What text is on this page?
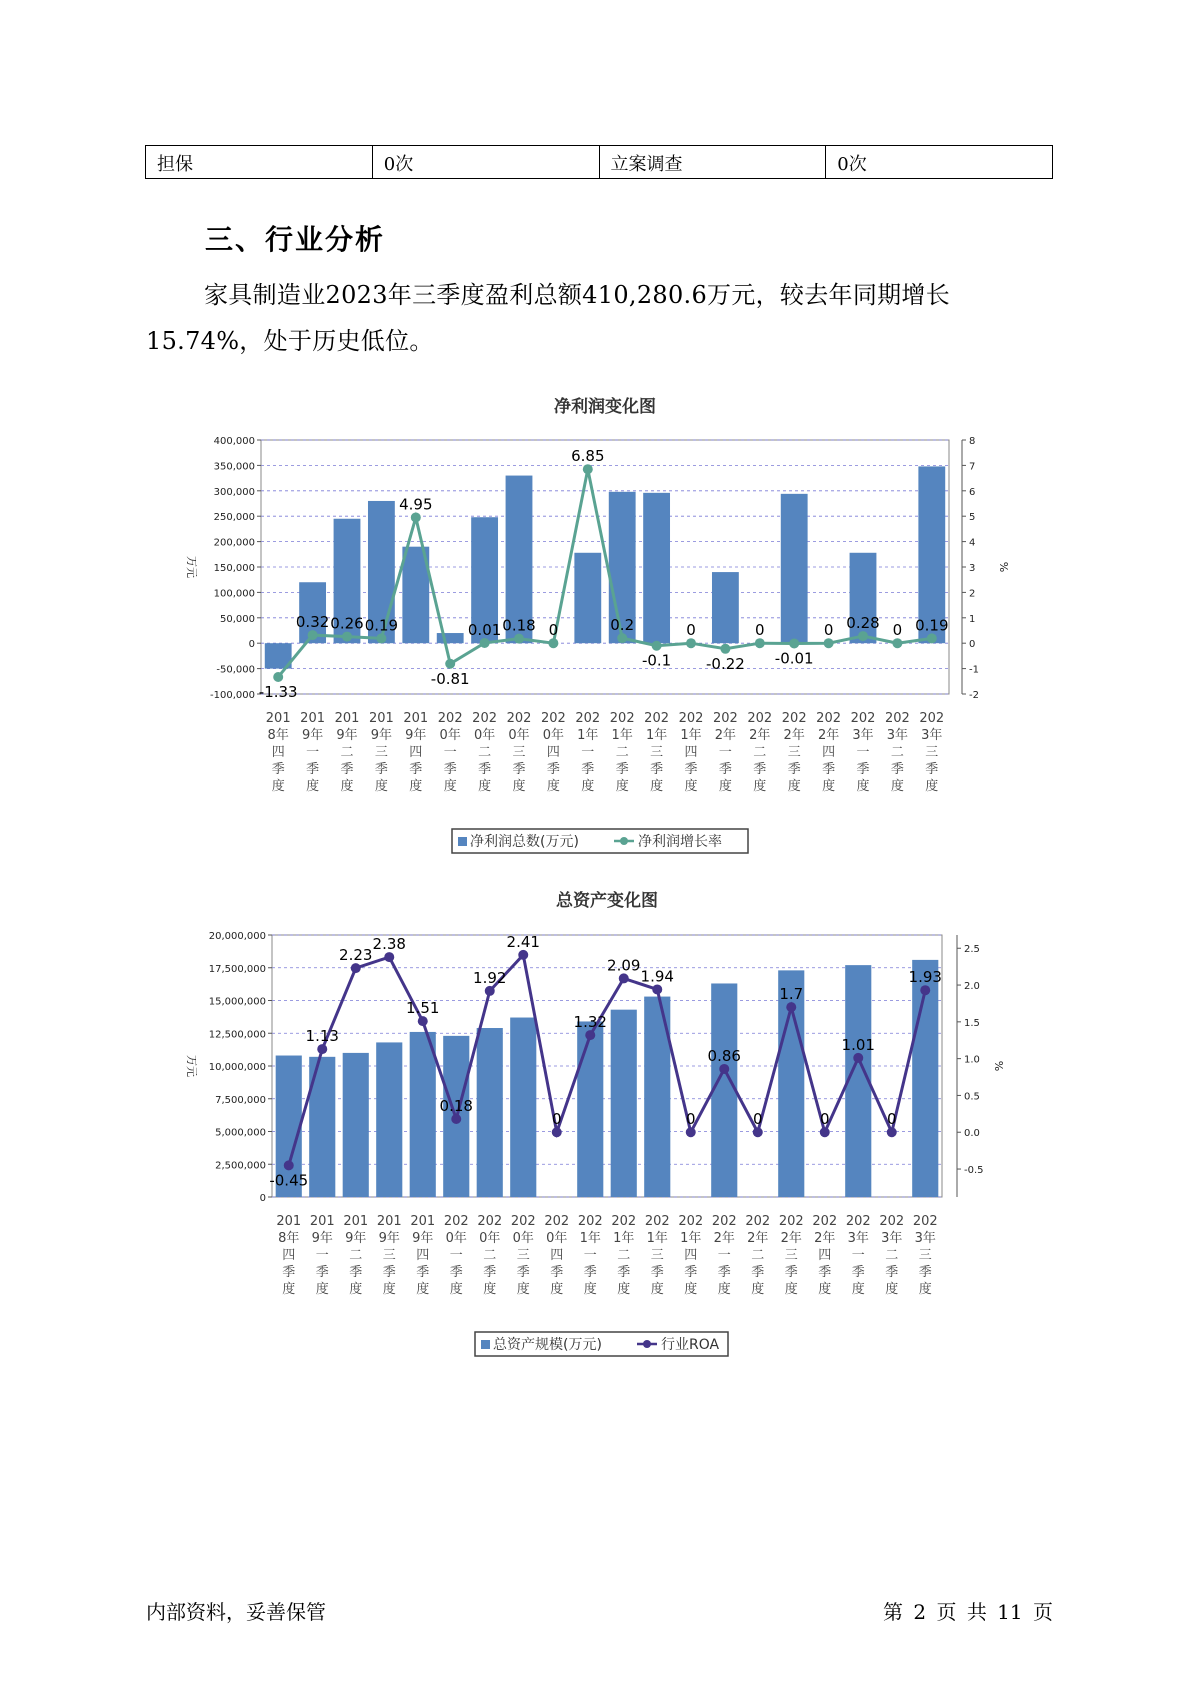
担保	0次	立案调查	0次
三、行业分析

家具制造业2023年三季度盈利总额410,280.6万元，较去年同期增长15.74%，处于历史低位。

净利润变化图
-100,000
-50,000
0
50,000
100,000
150,000
200,000
250,000
300,000
350,000
400,000
-2
-1
0
1
2
3
4
5
6
7
8
万元	%
-1.33
0.32 0.26 0.19
4.95
-0.81
0.01 0.18 0
6.85
0.2
-0.1
0
-0.22
0
-0.01
0 0.28 0 0.19
201
8年
四
季
度
201
9年
一
季
度
201
9年
二
季
度
201
9年
三
季
度
201
9年
四
季
度
202
0年
一
季
度
202
0年
二
季
度
202
0年
三
季
度
202
0年
四
季
度
202
1年
一
季
度
202
1年
二
季
度
202
1年
三
季
度
202
1年
四
季
度
202
2年
一
季
度
202
2年
二
季
度
202
2年
三
季
度
202
2年
四
季
度
202
3年
一
季
度
202
3年
二
季
度
202
3年
三
季
度
净利润总数(万元)	净利润增长率
总资产变化图
0
2,500,000
5,000,000
7,500,000
10,000,000
12,500,000
15,000,000
17,500,000
20,000,000
-0.5
0.0
0.5
1.0
1.5
2.0
2.5
万元	%
-0.45
1.13
2.23
2.38
1.51
0.18
1.92
2.41
0
1.32
2.09
1.94
0
0.86
0
1.7
0
1.01
0
1.93
201
8年
四
季
度
201
9年
一
季
度
201
9年
二
季
度
201
9年
三
季
度
201
9年
四
季
度
202
0年
一
季
度
202
0年
二
季
度
202
0年
三
季
度
202
0年
四
季
度
202
1年
一
季
度
202
1年
二
季
度
202
1年
三
季
度
202
1年
四
季
度
202
2年
一
季
度
202
2年
二
季
度
202
2年
三
季
度
202
2年
四
季
度
202
3年
一
季
度
202
3年
二
季
度
202
3年
三
季
度
总资产规模(万元)	行业ROA
内部资料，妥善保管	第 2 页 共 11 页
